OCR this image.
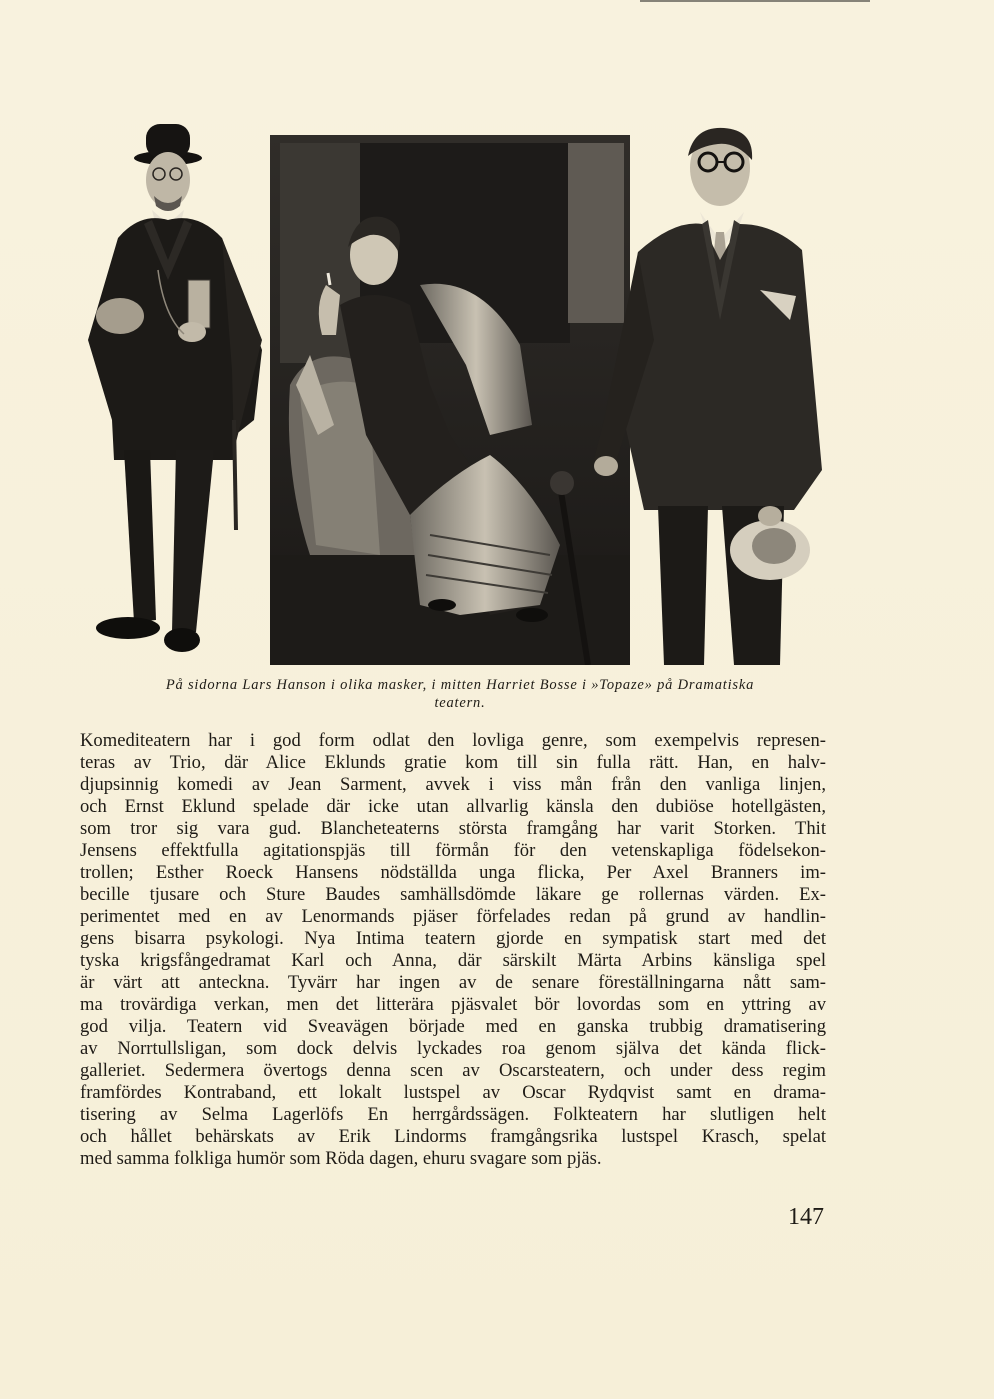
På sidorna Lars Hanson i olika masker, i mitten Harriet Bosse i »Topaze» på Dramatiska
teatern.

Komediteatern har i god form odlat den lovliga genre, som exempelvis represen-

teras av Trio, där Alice Eklunds gratie kom till sin fulla rätt. Han, en halv-

djupsinnig komedi av Jean Sarment, avvek i viss mån från den vanliga linjen,

och Ernst Eklund spelade där icke utan allvarlig känsla den dubiöse hotellgästen,

som tror sig vara gud. Blancheteaterns största framgång har varit Storken. Thit

Jensens effektfulla agitationspjäs till förmån för den vetenskapliga födelsekon-

trollen; Esther Roeck Hansens nödställda unga flicka, Per Axel Branners im-

becille tjusare och Sture Baudes samhällsdömde läkare ge rollernas värden. Ex-

perimentet med en av Lenormands pjäser förfelades redan på grund av handlin-

gens bisarra psykologi. Nya Intima teatern gjorde en sympatisk start med det

tyska krigsfångedramat Karl och Anna, där särskilt Märta Arbins känsliga spel

är värt att anteckna. Tyvärr har ingen av de senare föreställningarna nått sam-

ma trovärdiga verkan, men det litterära pjäsvalet bör lovordas som en yttring av

god vilja. Teatern vid Sveavägen började med en ganska trubbig dramatisering

av Norrtullsligan, som dock delvis lyckades roa genom själva det kända flick-

galleriet. Sedermera övertogs denna scen av Oscarsteatern, och under dess regim

framfördes Kontraband, ett lokalt lustspel av Oscar Rydqvist samt en drama-

tisering av Selma Lagerlöfs En herrgårdssägen. Folkteatern har slutligen helt

och hållet behärskats av Erik Lindorms framgångsrika lustspel Krasch, spelat

med samma folkliga humör som Röda dagen, ehuru svagare som pjäs.

147
